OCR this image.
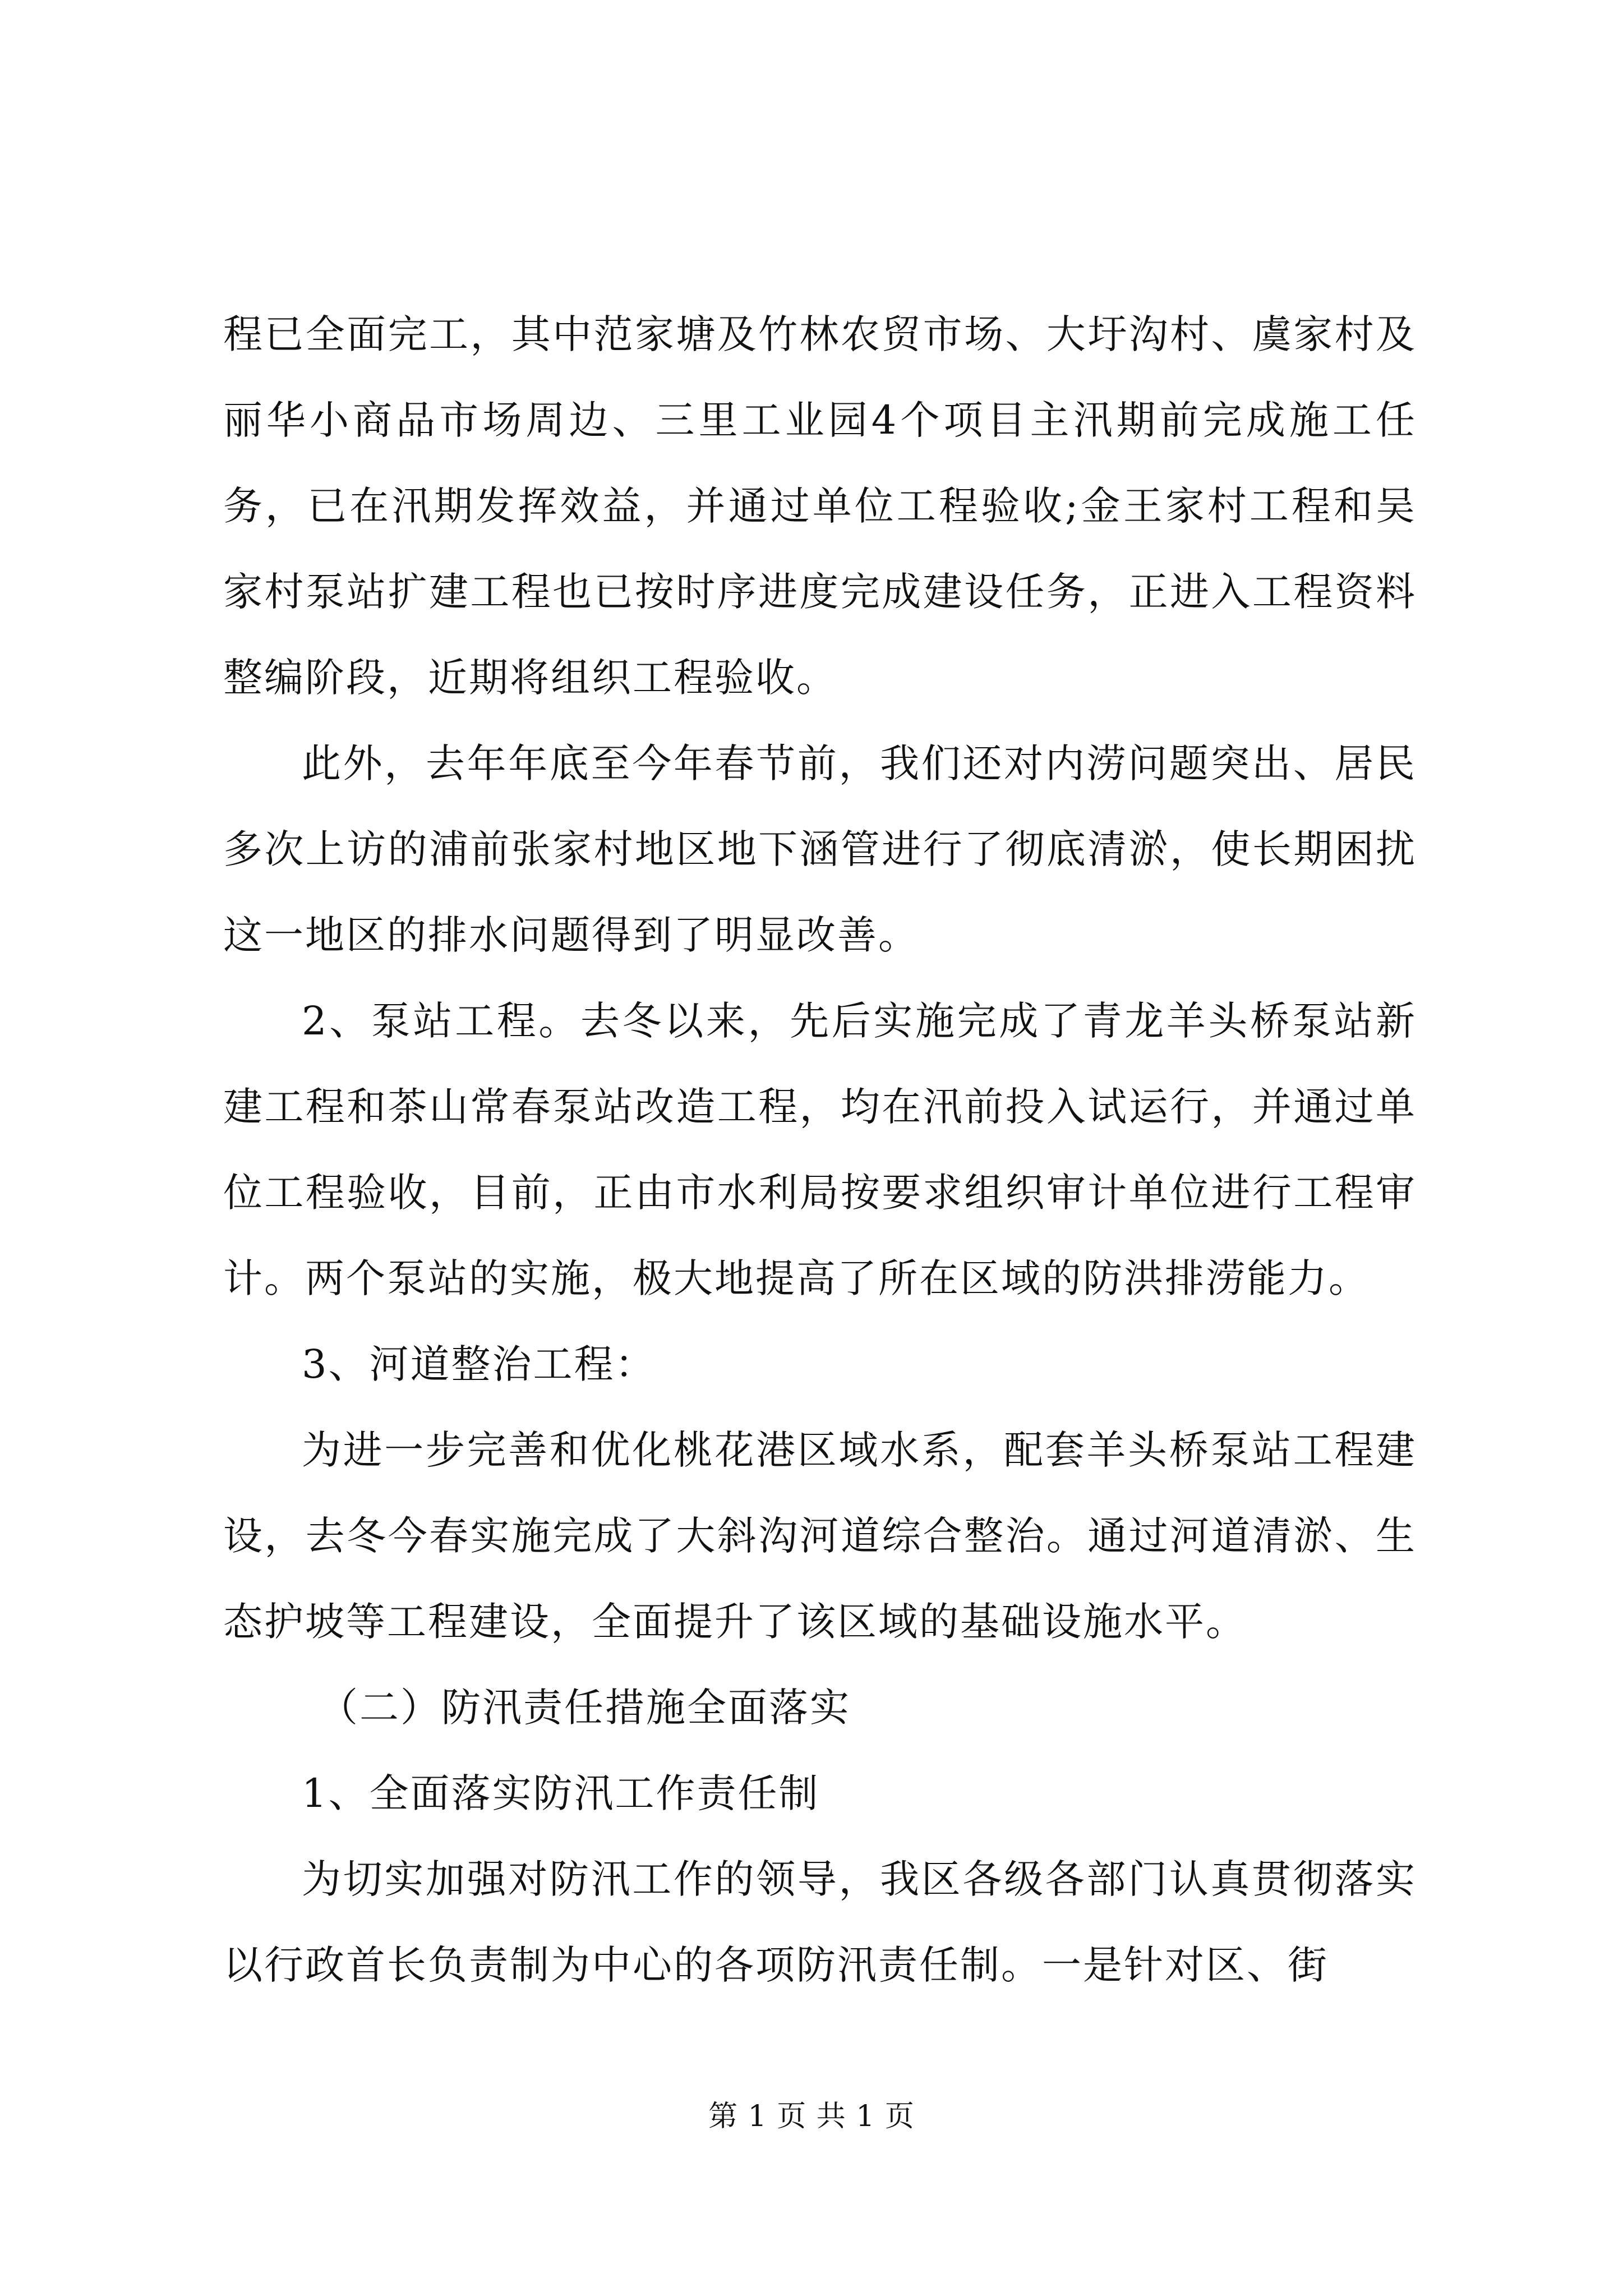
程已全面完工，其中范家塘及竹林农贸市场、大圩沟村、虞家村及丽华小商品市场周边、三里工业园4个项目主汛期前完成施工任务，已在汛期发挥效益，并通过单位工程验收;金王家村工程和吴家村泵站扩建工程也已按时序进度完成建设任务，正进入工程资料整编阶段，近期将组织工程验收。

此外，去年年底至今年春节前，我们还对内涝问题突出、居民多次上访的浦前张家村地区地下涵管进行了彻底清淤，使长期困扰这一地区的排水问题得到了明显改善。

2、泵站工程。去冬以来，先后实施完成了青龙羊头桥泵站新建工程和茶山常春泵站改造工程，均在汛前投入试运行，并通过单位工程验收，目前，正由市水利局按要求组织审计单位进行工程审计。两个泵站的实施，极大地提高了所在区域的防洪排涝能力。

3、河道整治工程：

为进一步完善和优化桃花港区域水系，配套羊头桥泵站工程建设，去冬今春实施完成了大斜沟河道综合整治。通过河道清淤、生态护坡等工程建设，全面提升了该区域的基础设施水平。

（二）防汛责任措施全面落实

1、全面落实防汛工作责任制

为切实加强对防汛工作的领导，我区各级各部门认真贯彻落实以行政首长负责制为中心的各项防汛责任制。一是针对区、街

第 1 页 共 1 页
